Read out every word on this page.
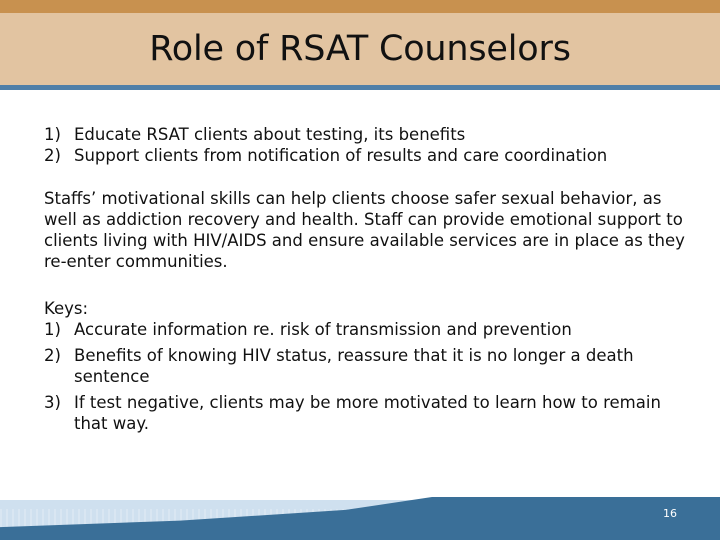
Role of RSAT Counselors
1) Educate RSAT clients about testing, its benefits
2) Support clients from notification of results and care coordination

Staffs’ motivational skills can help clients choose safer sexual behavior, as well as addiction recovery and health. Staff can provide emotional support to clients living with HIV/AIDS and ensure available services are in place as they re-enter communities.

Keys:
1) Accurate information re. risk of transmission and prevention
2) Benefits of knowing HIV status, reassure that it is no longer a death sentence
3) If test negative, clients may be more motivated to learn how to remain that way.
16
